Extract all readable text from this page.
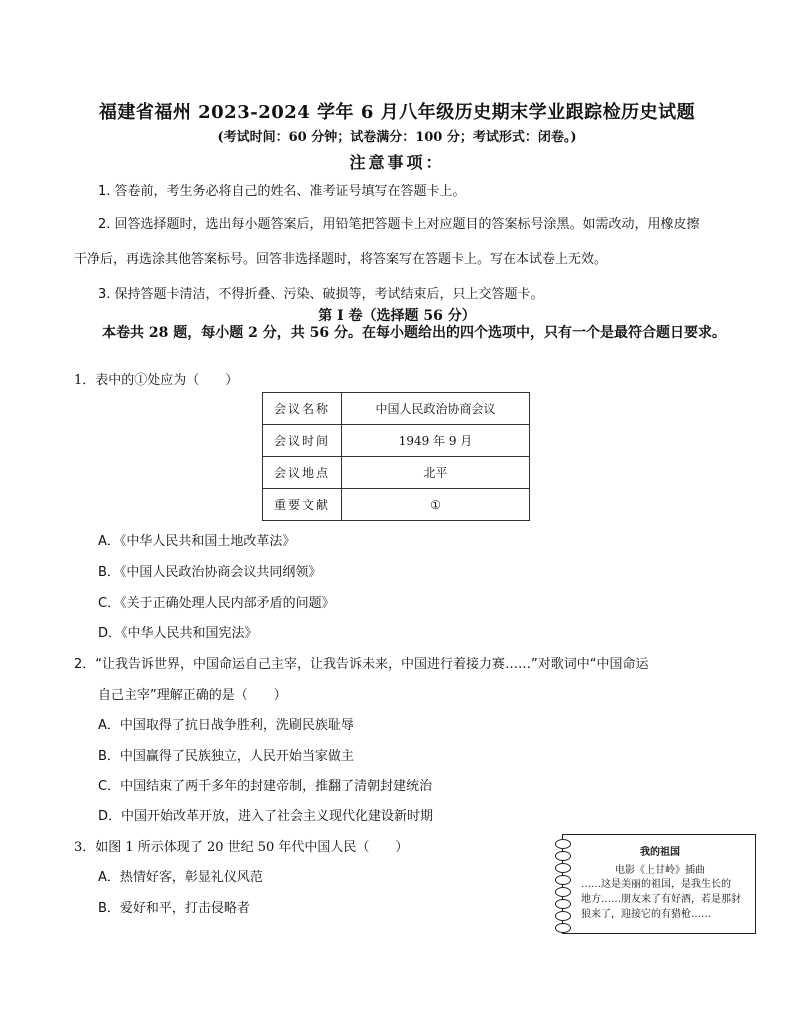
福建省福州 2023-2024 学年 6 月八年级历史期末学业跟踪检历史试题
(考试时间：60 分钟；试卷满分：100 分；考试形式：闭卷。)
注意事项：
1. 答卷前，考生务必将自己的姓名、准考证号填写在答题卡上。
2. 回答选择题时，选出每小题答案后，用铅笔把答题卡上对应题目的答案标号涂黑。如需改动，用橡皮擦
干净后，再选涂其他答案标号。回答非选择题时，将答案写在答题卡上。写在本试卷上无效。
3. 保持答题卡清洁，不得折叠、污染、破损等，考试结束后，只上交答题卡。
第 I 卷（选择题 56 分）
本卷共 28 题，每小题 2 分，共 56 分。在每小题给出的四个选项中，只有一个是最符合题日要求。
1．表中的①处应为（　　）
会议名称	中国人民政治协商会议
会议时间	1949 年 9 月
会议地点	北平
重要文献	①
A．《中华人民共和国土地改革法》
B．《中国人民政治协商会议共同纲领》
C．《关于正确处理人民内部矛盾的问题》
D．《中华人民共和国宪法》
2．“让我告诉世界，中国命运自己主宰，让我告诉未来，中国进行着接力赛……”对歌词中“中国命运
自己主宰”理解正确的是（　　）
A．中国取得了抗日战争胜利，洗刷民族耻辱
B．中国赢得了民族独立，人民开始当家做主
C．中国结束了两千多年的封建帝制，推翻了清朝封建统治
D．中国开始改革开放，进入了社会主义现代化建设新时期
3．如图 1 所示体现了 20 世纪 50 年代中国人民（　　）
A．热情好客，彰显礼仪风范
B．爱好和平，打击侵略者
我的祖国
电影《上甘岭》插曲
……这是美丽的祖国，是我生长的
地方……朋友来了有好酒，若是那豺
狼来了，迎接它的有猎枪……
